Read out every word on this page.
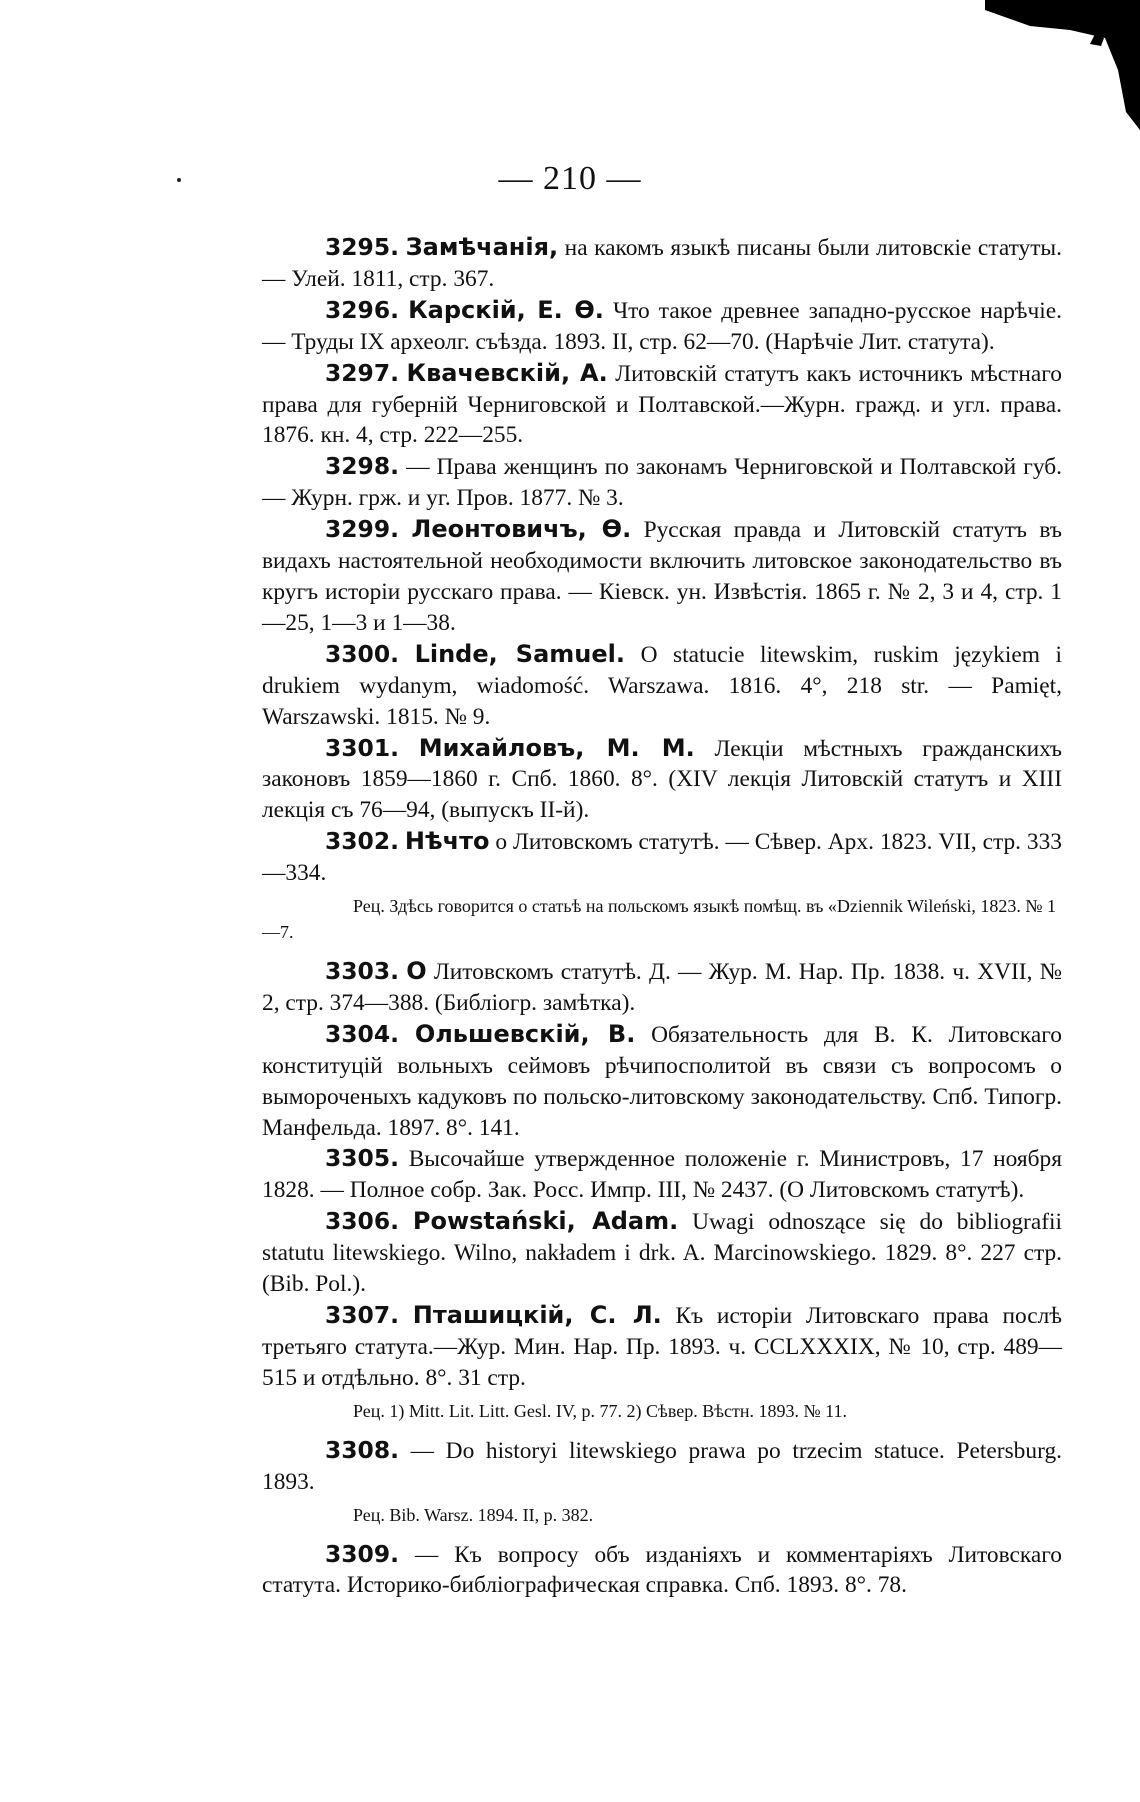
— 210 —

3295. Замѣчанія, на какомъ языкѣ писаны были литовскіе статуты. — Улей. 1811, стр. 367.

3296. Карскій, Е. Ѳ. Что такое древнее западно-русское нарѣчіе. — Труды IX археолг. съѣзда. 1893. II, стр. 62—70. (Нарѣчіе Лит. статута).

3297. Квачевскій, А. Литовскій статутъ какъ источникъ мѣстнаго права для губерній Черниговской и Полтавской.—Журн. гражд. и угл. права. 1876. кн. 4, стр. 222—255.

3298. — Права женщинъ по законамъ Черниговской и Полтавской губ. — Журн. грж. и уг. Пров. 1877. № 3.

3299. Леонтовичъ, Ѳ. Русская правда и Литовскій статутъ въ видахъ настоятельной необходимости включить литовское законодательство въ кругъ исторіи русскаго права. — Кіевск. ун. Извѣстія. 1865 г. № 2, 3 и 4, стр. 1—25, 1—3 и 1—38.

3300. Linde, Samuel. O statucie litewskim, ruskim językiem i drukiem wydanym, wiadomość. Warszawa. 1816. 4°, 218 str. — Pamięt, Warszawski. 1815. № 9.

3301. Михайловъ, М. М. Лекціи мѣстныхъ гражданскихъ законовъ 1859—1860 г. Спб. 1860. 8°. (XIV лекція Литовскій статутъ и XIII лекція съ 76—94, (выпускъ II-й).

3302. Нѣчто о Литовскомъ статутѣ. — Сѣвер. Арх. 1823. VII, стр. 333—334.

Рец. Здѣсь говорится о статьѣ на польскомъ языкѣ помѣщ. въ «Dziennik Wileński, 1823. № 1—7.

3303. О Литовскомъ статутѣ. Д. — Жур. М. Нар. Пр. 1838. ч. XVII, № 2, стр. 374—388. (Библіогр. замѣтка).

3304. Ольшевскій, В. Обязательность для В. К. Литовскаго конституцій вольныхъ сеймовъ рѣчипосполитой въ связи съ вопросомъ о вымороченыхъ кадуковъ по польско-литовскому законодательству. Спб. Типогр. Манфельда. 1897. 8°. 141.

3305. Высочайше утвержденное положеніе г. Министровъ, 17 ноября 1828. — Полное собр. Зак. Росс. Импр. III, № 2437. (О Литовскомъ статутѣ).

3306. Powstański, Adam. Uwagi odnoszące się do bibliografii statutu litewskiego. Wilno, nakładem i drk. A. Marcinowskiego. 1829. 8°. 227 стр. (Bib. Pol.).

3307. Пташицкій, С. Л. Къ исторіи Литовскаго права послѣ третьяго статута.—Жур. Мин. Нар. Пр. 1893. ч. CCLXXXIX, № 10, стр. 489—515 и отдѣльно. 8°. 31 стр.

Рец. 1) Mitt. Lit. Litt. Gesl. IV, p. 77. 2) Сѣвер. Вѣстн. 1893. № 11.

3308. — Do historyi litewskiego prawa po trzecim statuce. Petersburg. 1893.

Рец. Bib. Warsz. 1894. II, p. 382.

3309. — Къ вопросу объ изданіяхъ и комментаріяхъ Литовскаго статута. Историко-библіографическая справка. Спб. 1893. 8°. 78.
